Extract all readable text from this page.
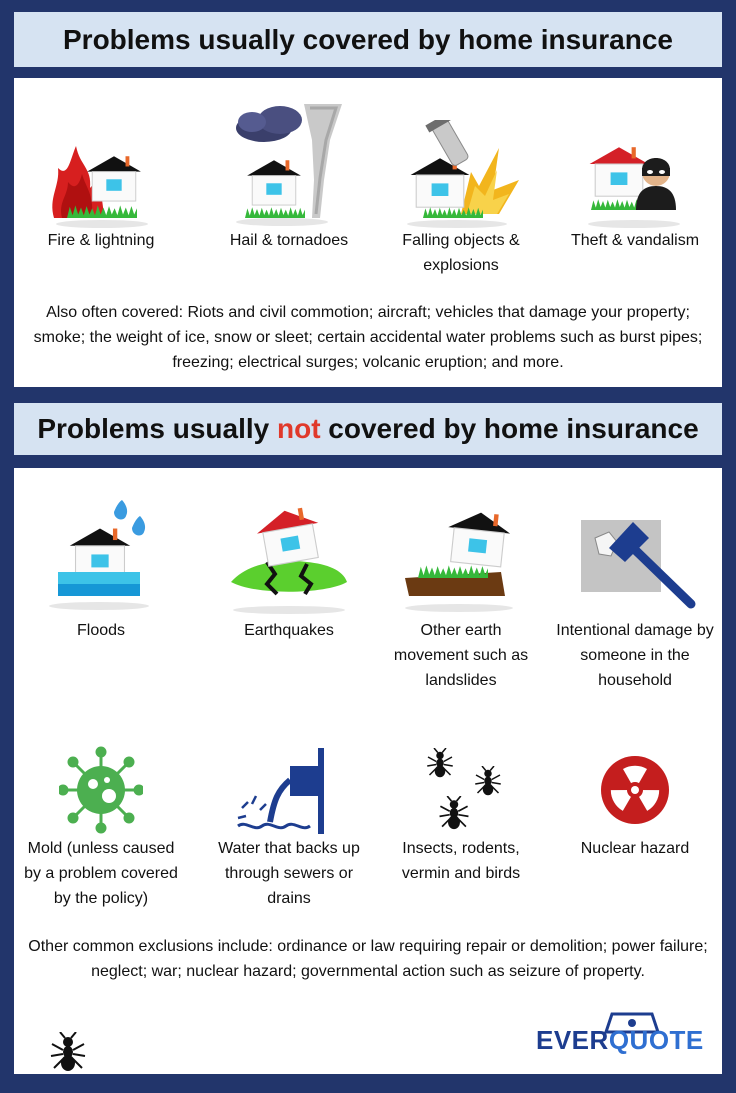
Problems usually covered by home insurance
Fire & lightning	Hail & tornadoes	Falling objects & explosions
Theft & vandalism
Also often covered: Riots and civil commotion; aircraft; vehicles that damage your property; smoke; the weight of ice, snow or sleet; certain accidental water problems such as burst pipes; freezing; electrical surges; volcanic eruption; and more.
Problems usually not covered by home insurance
Floods	Earthquakes	Other earth movement such as landslides
Intentional damage by someone in the household
Mold (unless caused by a problem covered by the policy)
Water that backs up through sewers or drains
Insects, rodents, vermin and birds
Nuclear hazard
Other common exclusions include: ordinance or law requiring repair or demolition; power failure; neglect; war; nuclear hazard; governmental action such as seizure of property.
EVERQUOTE
